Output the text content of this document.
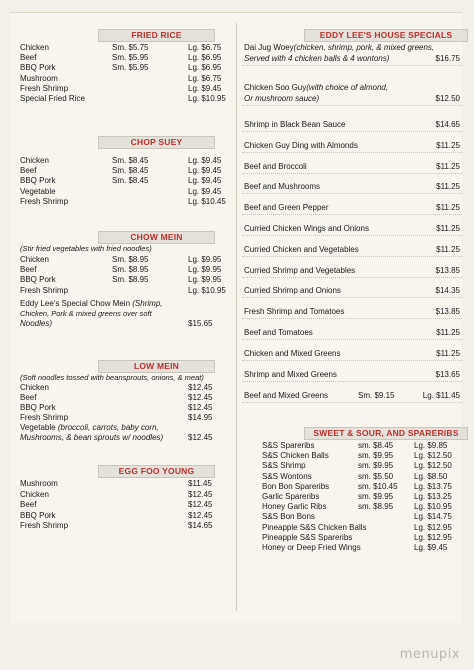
FRIED RICE
Chicken	Sm. $5.75	Lg. $6.75
Beef	Sm. $5.95	Lg. $6.95
BBQ Pork	Sm. $5.95	Lg. $6.95
Mushroom	Lg. $6.75
Fresh Shrimp	Lg. $9.45
Special Fried Rice	Lg. $10.95
CHOP SUEY
Chicken	Sm. $8.45	Lg. $9.45
Beef	Sm. $8.45	Lg. $9.45
BBQ Pork	Sm. $8.45	Lg. $9.45
Vegetable	Lg. $9.45
Fresh Shrimp	Lg. $10.45
CHOW MEIN
(Stir fried vegetables with fried noodles)
Chicken	Sm. $8.95	Lg. $9.95
Beef	Sm. $8.95	Lg. $9.95
BBQ Pork	Sm. $8.95	Lg. $9.95
Fresh Shrimp	Lg. $10.95
Eddy Lee's Special Chow Mein (Shrimp,
Chicken, Pork & mixed greens over soft
Noodles)	$15.65
LOW MEIN
(Soft noodles tossed with beansprouts, onions, & meat)
Chicken	$12.45
Beef	$12.45
BBQ Pork	$12.45
Fresh Shrimp	$14.95
Vegetable (broccoli, carrots, baby corn,
Mushrooms, & bean sprouts w/ noodles)	$12.45
EGG FOO YOUNG
Mushroom	$11.45
Chicken	$12.45
Beef	$12.45
BBQ Pork	$12.45
Fresh Shrimp	$14.65
EDDY LEE'S HOUSE SPECIALS
Dai Jug Woey(chicken, shrimp, pork, & mixed greens,
Served with 4 chicken balls & 4 wontons)	$16.75
Chicken Soo Guy(with choice of almond,
Or mushroom sauce)	$12.50
Shrimp in Black Bean Sauce	$14.65
Chicken Guy Ding with Almonds	$11.25
Beef and Broccoli	$11.25
Beef and Mushrooms	$11.25
Beef and Green Pepper	$11.25
Curried Chicken Wings and Onions	$11.25
Curried Chicken and Vegetables	$11.25
Curried Shrimp and Vegetables	$13.85
Curried Shrimp and Onions	$14.35
Fresh Shrimp and Tomatoes	$13.85
Beef and Tomatoes	$11.25
Chicken and Mixed Greens	$11.25
Shrimp and Mixed Greens	$13.65
Beef and Mixed Greens	Sm. $9.15	Lg. $11.45
SWEET & SOUR, AND SPARERIBS
S&S Spareribs	sm. $8.45	Lg. $9.85
S&S Chicken Balls	sm. $9.95	Lg. $12.50
S&S Shrimp	sm. $9.95	Lg. $12.50
S&S Wontons	sm. $5.50	Lg. $8.50
Bon Bon Spareribs	sm. $10.45 Lg. $13.75
Garlic Spareribs	sm. $9.95	Lg. $13.25
Honey Garlic Ribs	sm. $8.95	Lg. $10.95
S&S Bon Bons	Lg. $14.75
Pineapple S&S Chicken Balls	Lg. $12.95
Pineapple S&S Spareribs	Lg. $12.95
Honey or Deep Fried Wings	Lg. $9.45
menupix
